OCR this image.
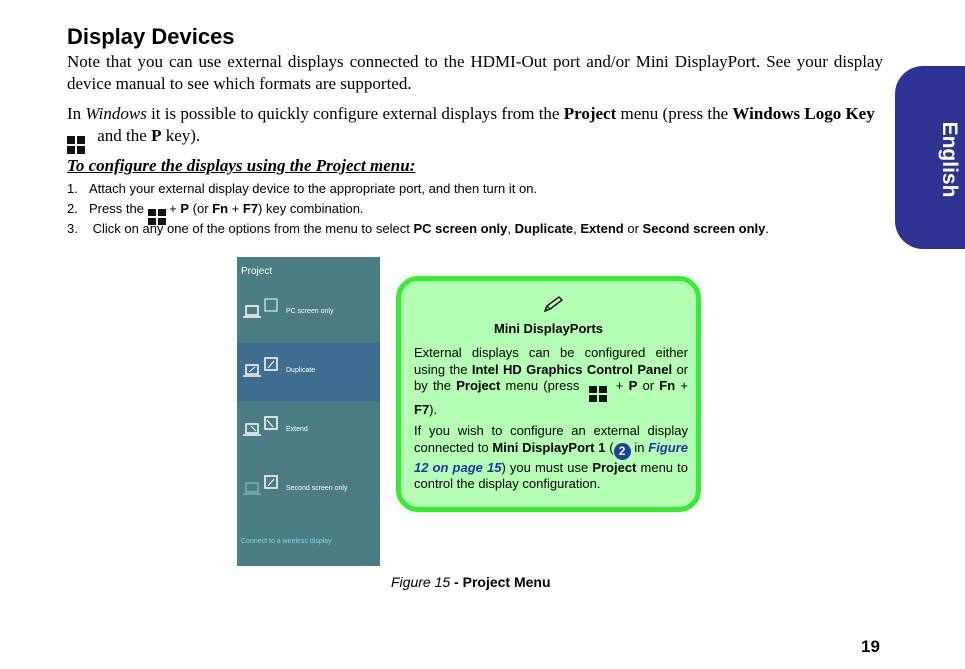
Display Devices
Note that you can use external displays connected to the HDMI-Out port and/or Mini DisplayPort. See your display device manual to see which formats are supported.
In Windows it is possible to quickly configure external displays from the Project menu (press the Windows Logo Key

and the P key).
To configure the displays using the Project menu:
1. Attach your external display device to the appropriate port, and then turn it on.
2. Press the
+ P (or Fn + F7) key combination.
3. Click on any one of the options from the menu to select PC screen only, Duplicate, Extend or Second screen only.
English
Project
PC screen only
Duplicate
Extend
Second screen only
Connect to a wireless display
Mini DisplayPorts
External displays can be configured either using the Intel HD Graphics Control Panel or by the Project menu (press
+ P or Fn + F7).
If you wish to configure an external display connected to Mini DisplayPort 1 ( 2 in Figure 12 on page 15) you must use Project menu to control the display configuration.
Figure 15 - Project Menu
19
